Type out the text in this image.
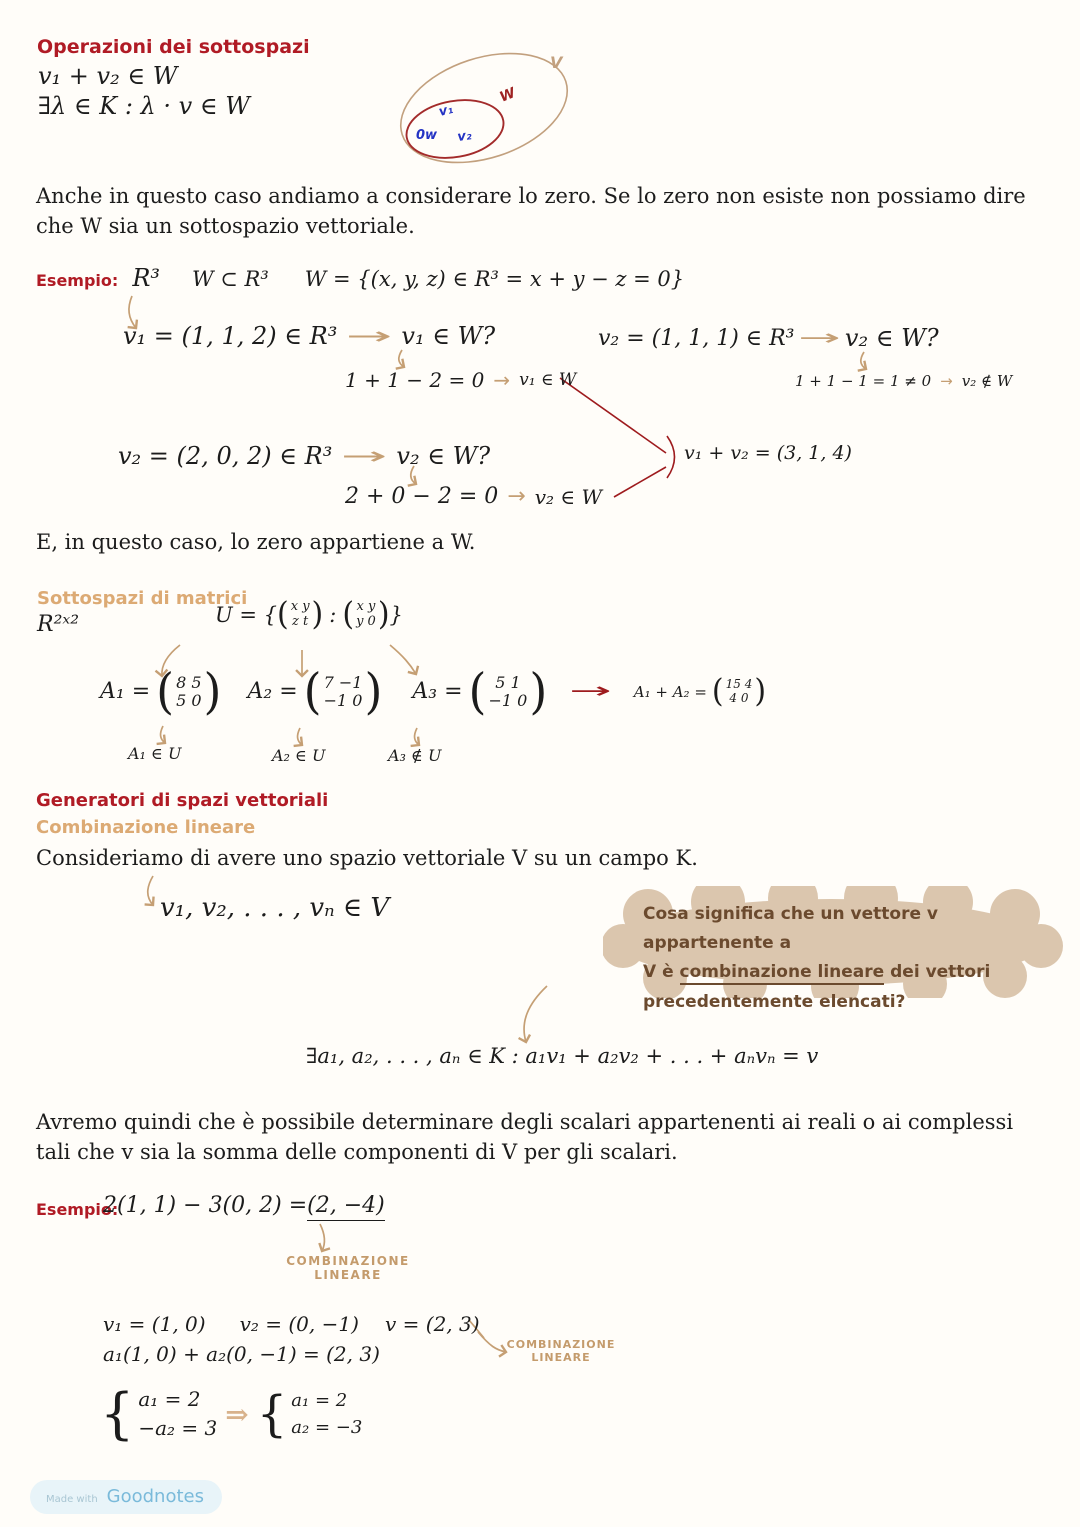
Operazioni dei sottospazi
v₁ + v₂ ∈ W
∃λ ∈ K : λ · v ∈ W
V
W
v₁
0w v₂
Anche in questo caso andiamo a considerare lo zero. Se lo zero non esiste non possiamo dire che W sia un sottospazio vettoriale.
Esempio: R³ W ⊂ R³ W = {(x, y, z) ∈ R³ = x + y − z = 0}
v₁ = (1, 1, 2) ∈ R³ → v₁ ∈ W?
1 + 1 − 2 = 0 → v₁ ∈ W
v₂ = (1, 1, 1) ∈ R³ → v₂ ∈ W?
1 + 1 − 1 = 1 ≠ 0 → v₂ ∉ W
v₂ = (2, 0, 2) ∈ R³ → v₂ ∈ W?
2 + 0 − 2 = 0 → v₂ ∈ W
v₁ + v₂ = (3, 1, 4)
E, in questo caso, lo zero appartiene a W.
Sottospazi di matrici
R²ˣ²	U = { ( x y
z t ) : ( x y
y 0 ) }
A₁ = ( 8 5
5 0 ) A₂ = ( 7 −1
−1 0 ) A₃ = ( 5 1
−1 0 ) → A₁ + A₂ = ( 15 4
4 0 )
A₁ ∈ U	A₂ ∈ U	A₃ ∉ U
Generatori di spazi vettoriali
Combinazione lineare
Consideriamo di avere uno spazio vettoriale V su un campo K.
v₁, v₂, . . . , vₙ ∈ V	Cosa significa che un vettore v appartenente a
V è combinazione lineare dei vettori
precedentemente elencati?
∃a₁, a₂, . . . , aₙ ∈ K : a₁v₁ + a₂v₂ + . . . + aₙvₙ = v
Avremo quindi che è possibile determinare degli scalari appartenenti ai reali o ai complessi tali che v sia la somma delle componenti di V per gli scalari.
Esempio:
2(1, 1) − 3(0, 2) = (2, −4)
COMBINAZIONE
LINEARE
v₁ = (1, 0) v₂ = (0, −1) v = (2, 3)
COMBINAZIONE
LINEARE
a₁(1, 0) + a₂(0, −1) = (2, 3)
{ a₁ = 2
−a₂ = 3 ⇒ { a₁ = 2
a₂ = −3
Made with Goodnotes
